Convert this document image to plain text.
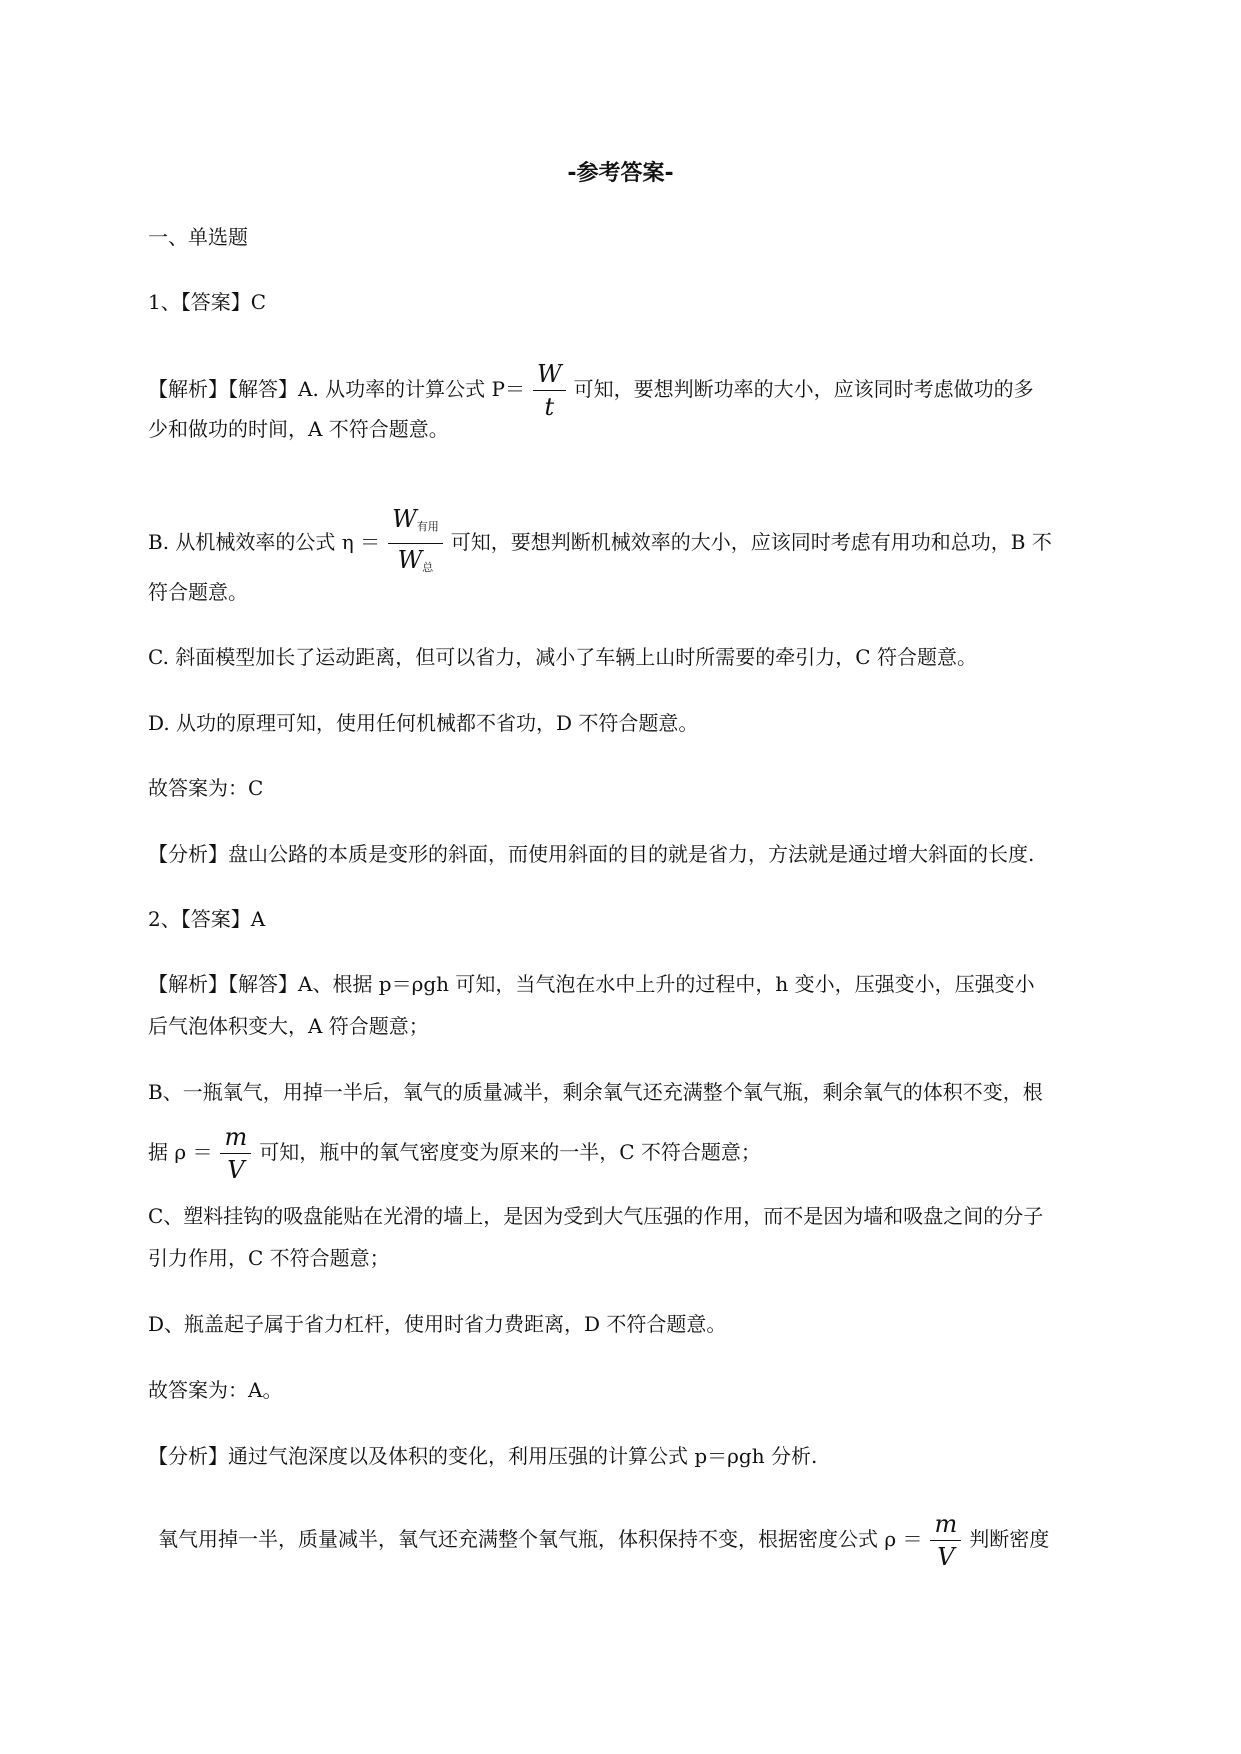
-参考答案-
一、单选题
1、【答案】C
【解析】【解答】A. 从功率的计算公式 $P= \frac{W}{t}$ 可知，要想判断功率的大小，应该同时考虑做功的多
少和做功的时间，A 不符合题意。
B. 从机械效率的公式 $\eta = \frac{W_{有用}}{W_总}$ 可知，要想判断机械效率的大小，应该同时考虑有用功和总功，B 不
符合题意。
C. 斜面模型加长了运动距离，但可以省力，减小了车辆上山时所需要的牵引力，C 符合题意。
D. 从功的原理可知，使用任何机械都不省功，D 不符合题意。
故答案为：C
【分析】盘山公路的本质是变形的斜面，而使用斜面的目的就是省力，方法就是通过增大斜面的长度.
2、【答案】A
【解析】【解答】A、根据 p＝ρgh 可知，当气泡在水中上升的过程中，h 变小，压强变小，压强变小
后气泡体积变大，A 符合题意；
B、一瓶氧气，用掉一半后，氧气的质量减半，剩余氧气还充满整个氧气瓶，剩余氧气的体积不变，根
据 $\rho = \frac{m}{V}$ 可知，瓶中的氧气密度变为原来的一半，C 不符合题意；
C、塑料挂钩的吸盘能贴在光滑的墙上，是因为受到大气压强的作用，而不是因为墙和吸盘之间的分子
引力作用，C 不符合题意；
D、瓶盖起子属于省力杠杆，使用时省力费距离，D 不符合题意。
故答案为：A。
【分析】通过气泡深度以及体积的变化，利用压强的计算公式 p＝ρgh 分析.
氧气用掉一半，质量减半，氧气还充满整个氧气瓶，体积保持不变，根据密度公式 $\rho = \frac{m}{V}$ 判断密度
